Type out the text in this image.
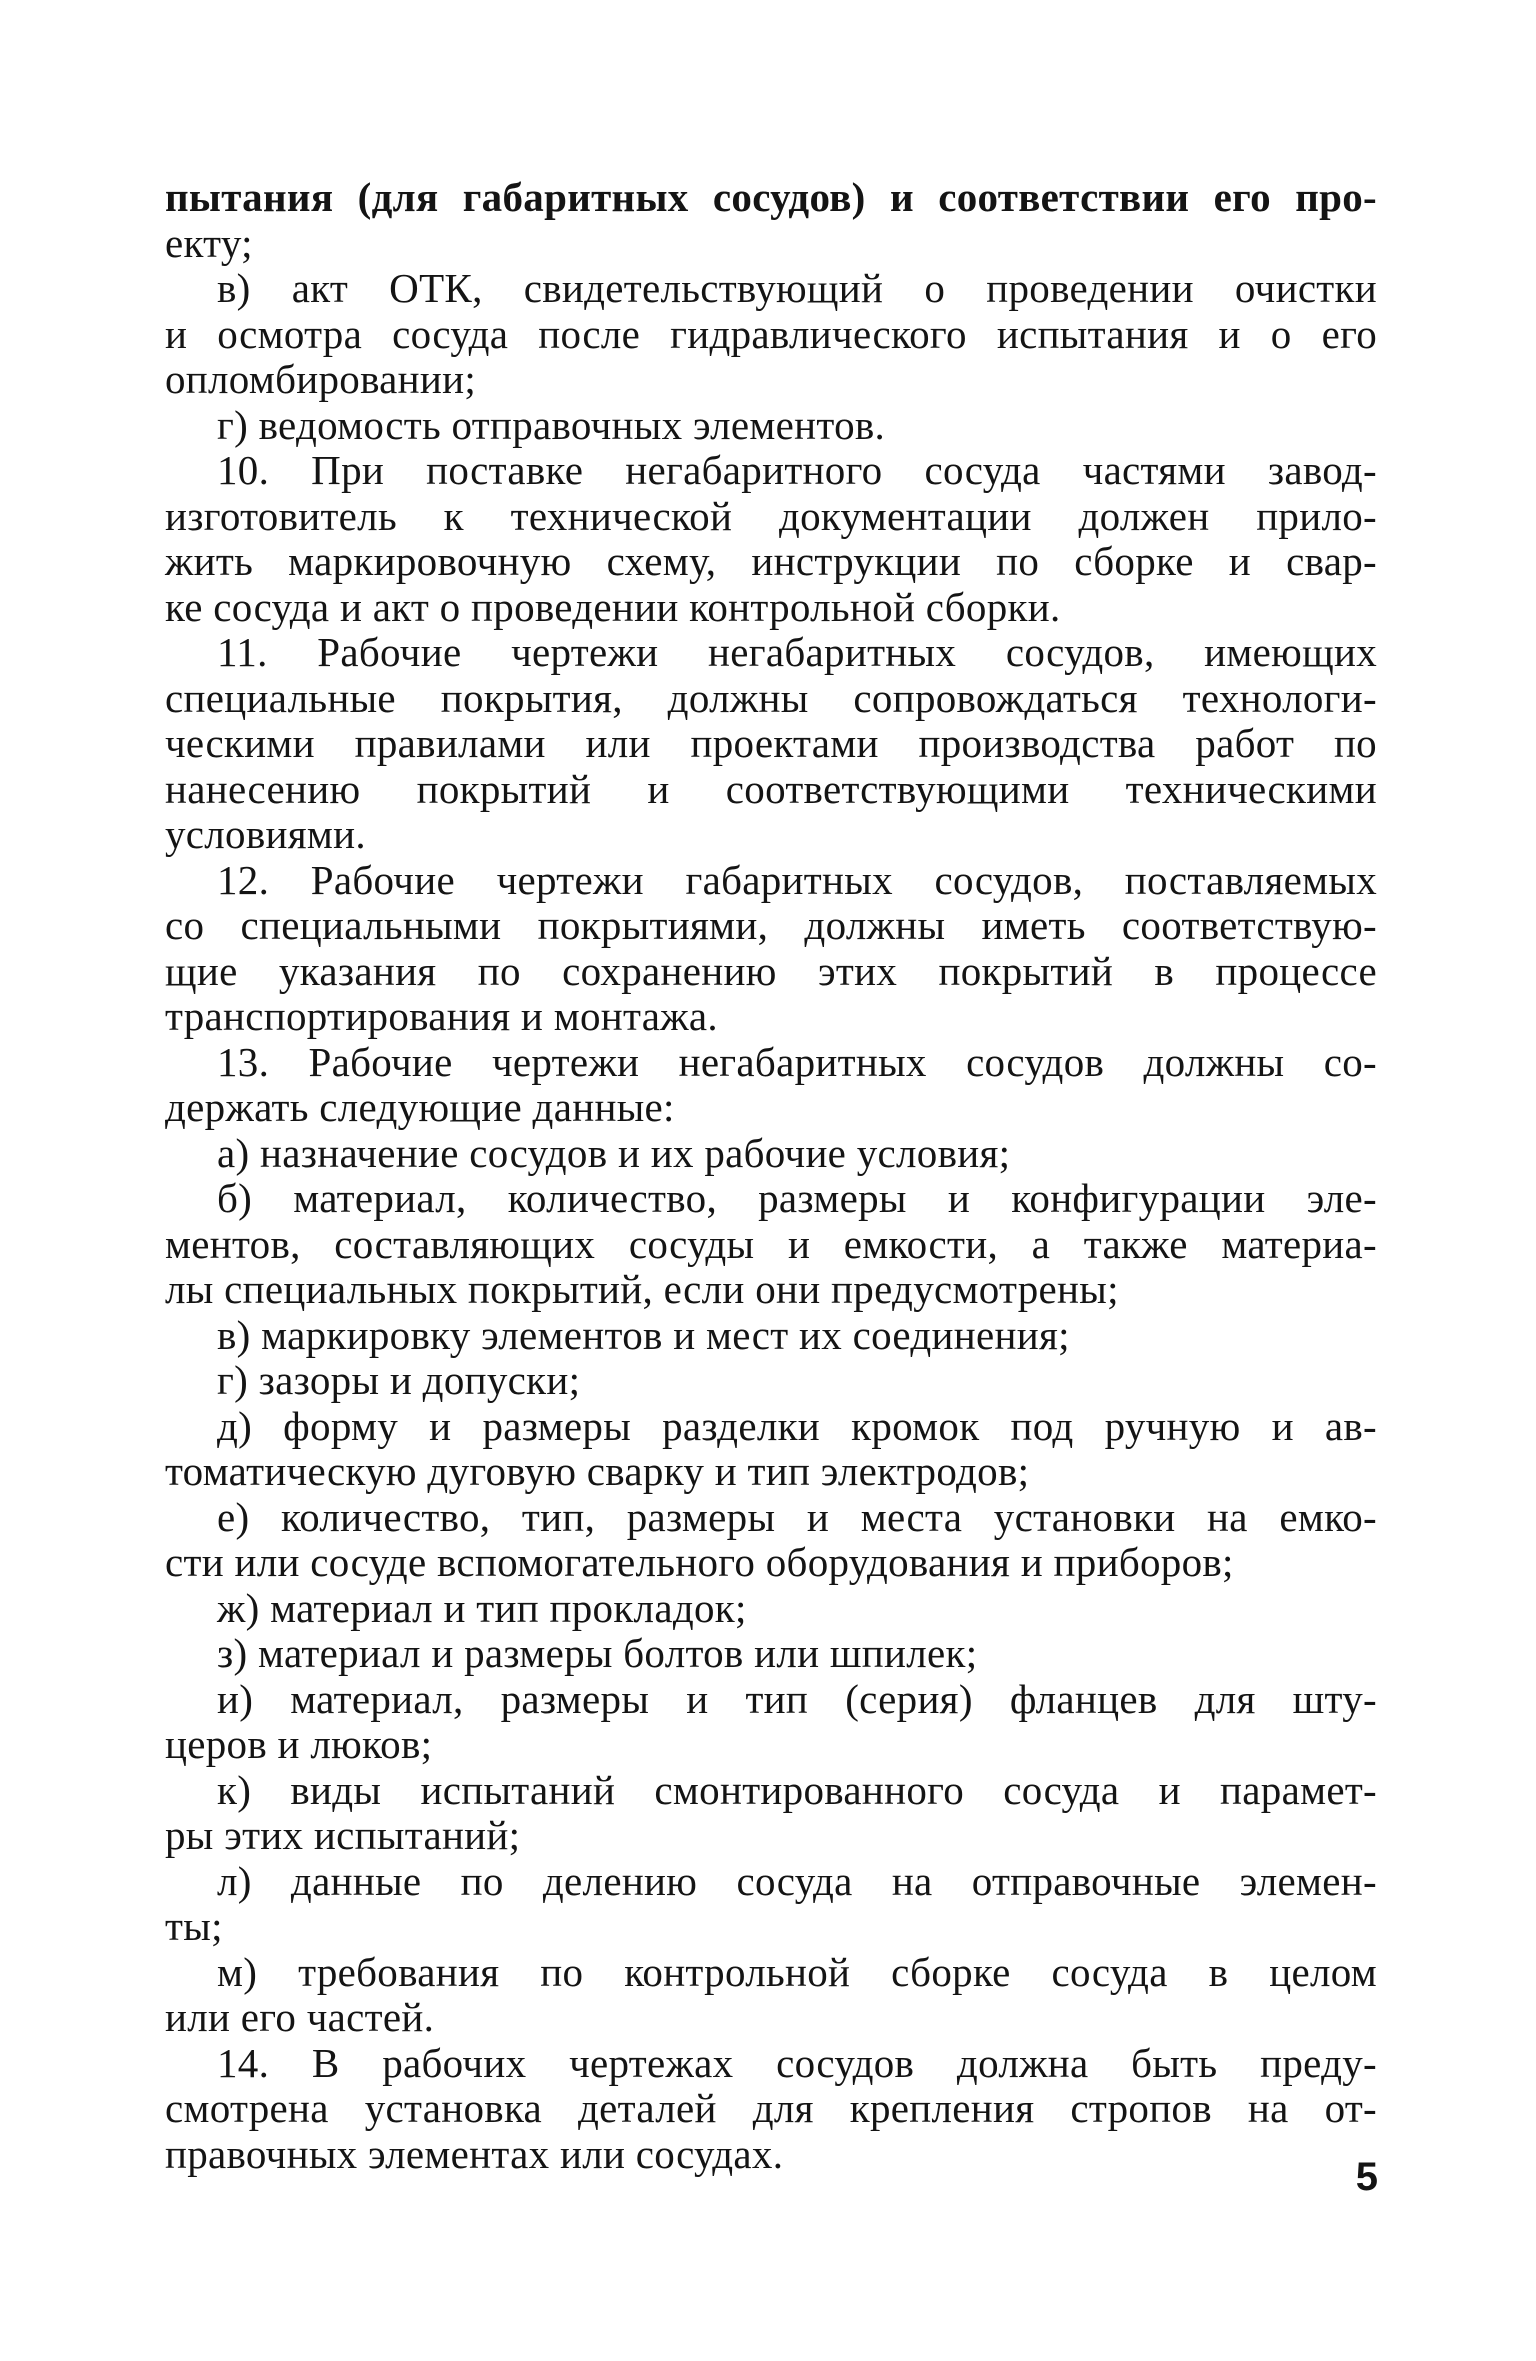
пытания (для габаритных сосудов) и соответствии его про-
екту;
в) акт ОТК, свидетельствующий о проведении очистки
и осмотра сосуда после гидравлического испытания и о его
опломбировании;
г) ведомость отправочных элементов.
10. При поставке негабаритного сосуда частями завод-
изготовитель к технической документации должен прило-
жить маркировочную схему, инструкции по сборке и свар-
ке сосуда и акт о проведении контрольной сборки.
11. Рабочие чертежи негабаритных сосудов, имеющих
специальные покрытия, должны сопровождаться технологи-
ческими правилами или проектами производства работ по
нанесению покрытий и соответствующими техническими
условиями.
12. Рабочие чертежи габаритных сосудов, поставляемых
со специальными покрытиями, должны иметь соответствую-
щие указания по сохранению этих покрытий в процессе
транспортирования и монтажа.
13. Рабочие чертежи негабаритных сосудов должны со-
держать следующие данные:
а) назначение сосудов и их рабочие условия;
б) материал, количество, размеры и конфигурации эле-
ментов, составляющих сосуды и емкости, а также материа-
лы специальных покрытий, если они предусмотрены;
в) маркировку элементов и мест их соединения;
г) зазоры и допуски;
д) форму и размеры разделки кромок под ручную и ав-
томатическую дуговую сварку и тип электродов;
е) количество, тип, размеры и места установки на емко-
сти или сосуде вспомогательного оборудования и приборов;
ж) материал и тип прокладок;
з) материал и размеры болтов или шпилек;
и) материал, размеры и тип (серия) фланцев для шту-
церов и люков;
к) виды испытаний смонтированного сосуда и парамет-
ры этих испытаний;
л) данные по делению сосуда на отправочные элемен-
ты;
м) требования по контрольной сборке сосуда в целом
или его частей.
14. В рабочих чертежах сосудов должна быть преду-
смотрена установка деталей для крепления стропов на от-
правочных элементах или сосудах.
5
